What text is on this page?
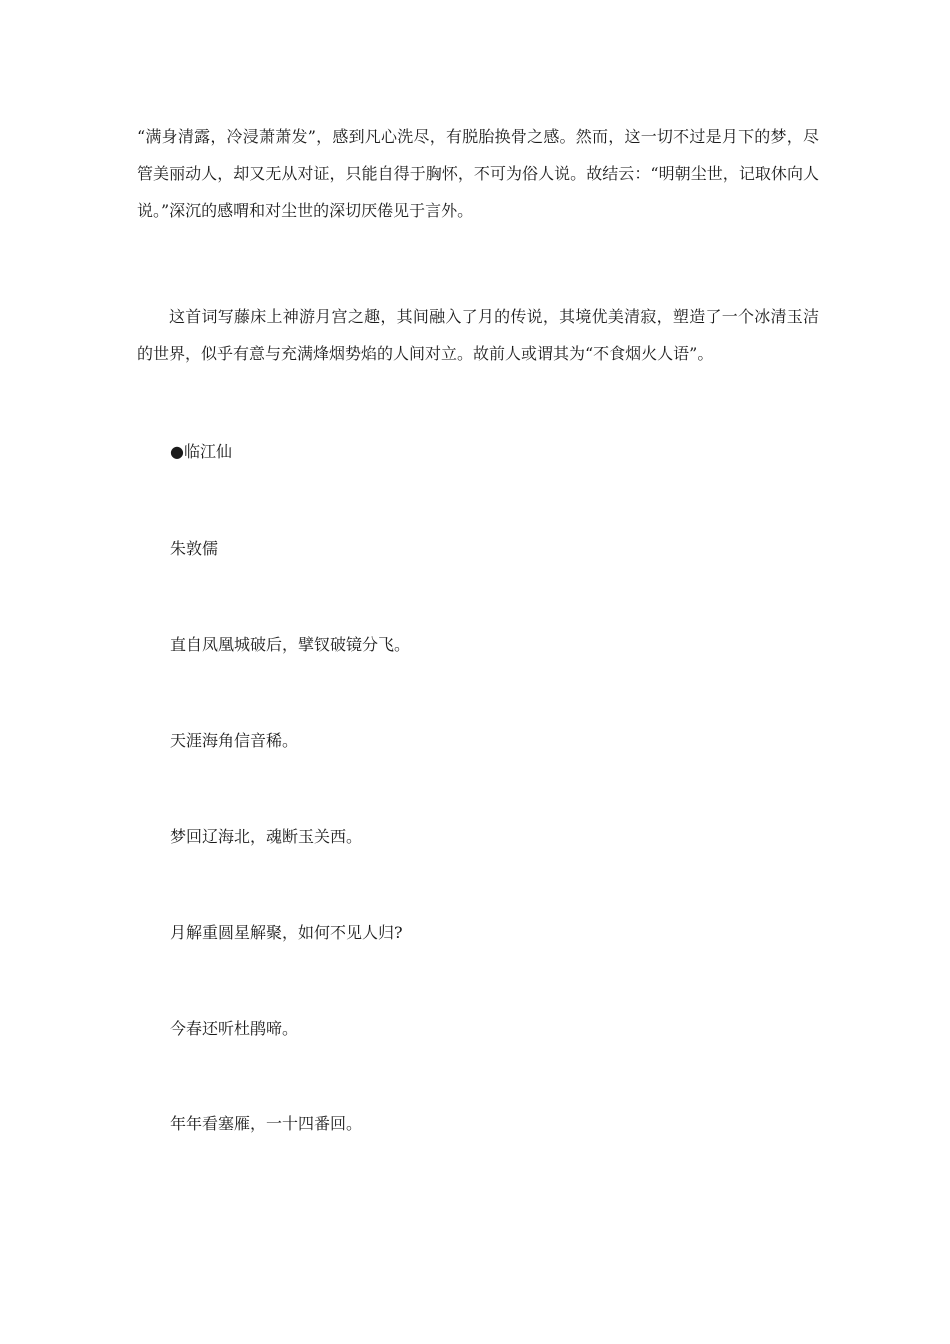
“满身清露，冷浸萧萧发”，感到凡心洗尽，有脱胎换骨之感。然而，这一切不过是月下的梦，尽管美丽动人，却又无从对证，只能自得于胸怀，不可为俗人说。故结云：“明朝尘世，记取休向人说。”深沉的感喟和对尘世的深切厌倦见于言外。

这首词写藤床上神游月宫之趣，其间融入了月的传说，其境优美清寂，塑造了一个冰清玉洁的世界，似乎有意与充满烽烟势焰的人间对立。故前人或谓其为“不食烟火人语”。

●临江仙

朱敦儒

直自凤凰城破后，擘钗破镜分飞。

天涯海角信音稀。

梦回辽海北，魂断玉关西。

月解重圆星解聚，如何不见人归?

今春还听杜鹃啼。

年年看塞雁，一十四番回。
